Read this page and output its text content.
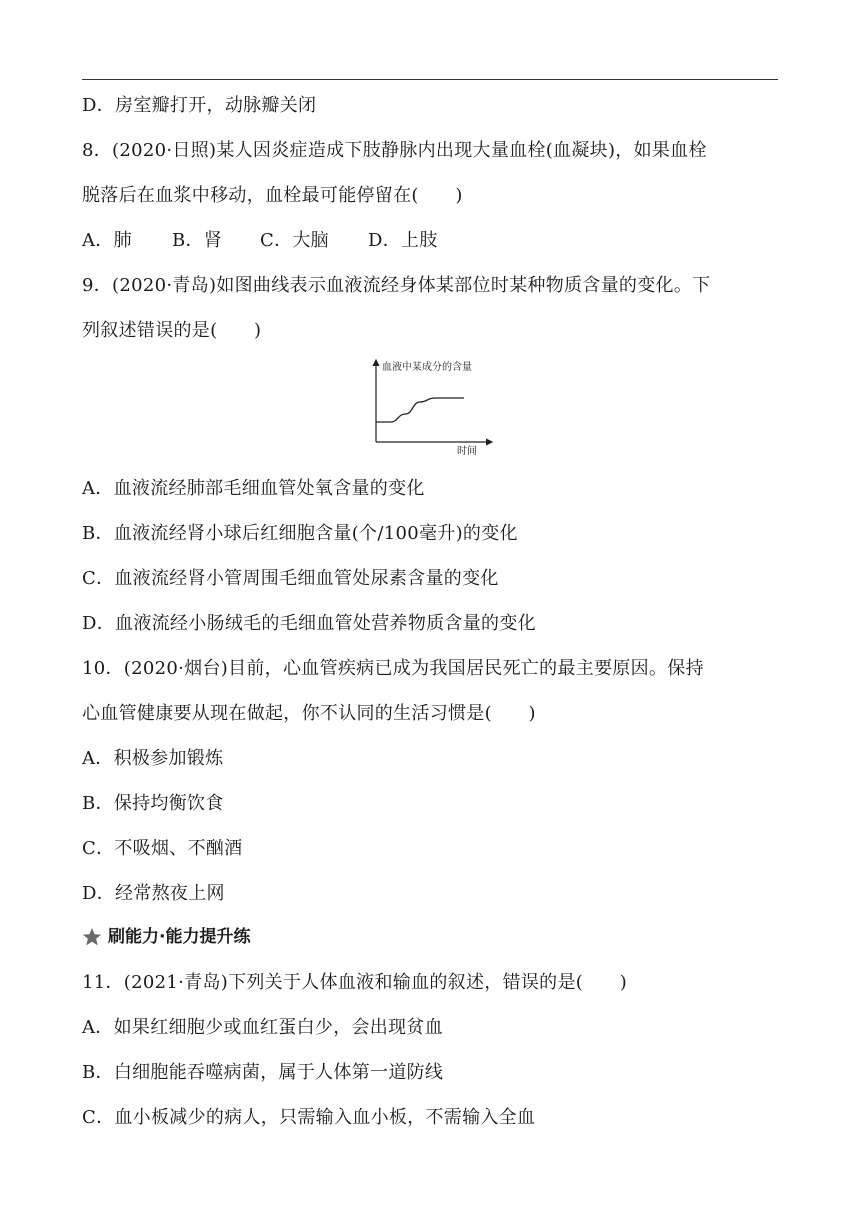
D．房室瓣打开，动脉瓣关闭
8．(2020·日照)某人因炎症造成下肢静脉内出现大量血栓(血凝块)，如果血栓
脱落后在血浆中移动，血栓最可能停留在(　　)
A．肺 B．肾 C．大脑 D．上肢
9．(2020·青岛)如图曲线表示血液流经身体某部位时某种物质含量的变化。下
列叙述错误的是(　　)
血液中某成分的含量
时间
A．血液流经肺部毛细血管处氧含量的变化
B．血液流经肾小球后红细胞含量(个/100毫升)的变化
C．血液流经肾小管周围毛细血管处尿素含量的变化
D．血液流经小肠绒毛的毛细血管处营养物质含量的变化
10．(2020·烟台)目前，心血管疾病已成为我国居民死亡的最主要原因。保持
心血管健康要从现在做起，你不认同的生活习惯是(　　)
A．积极参加锻炼
B．保持均衡饮食
C．不吸烟、不酗酒
D．经常熬夜上网
刷能力·能力提升练
11．(2021·青岛)下列关于人体血液和输血的叙述，错误的是(　　)
A．如果红细胞少或血红蛋白少，会出现贫血
B．白细胞能吞噬病菌，属于人体第一道防线
C．血小板减少的病人，只需输入血小板，不需输入全血
